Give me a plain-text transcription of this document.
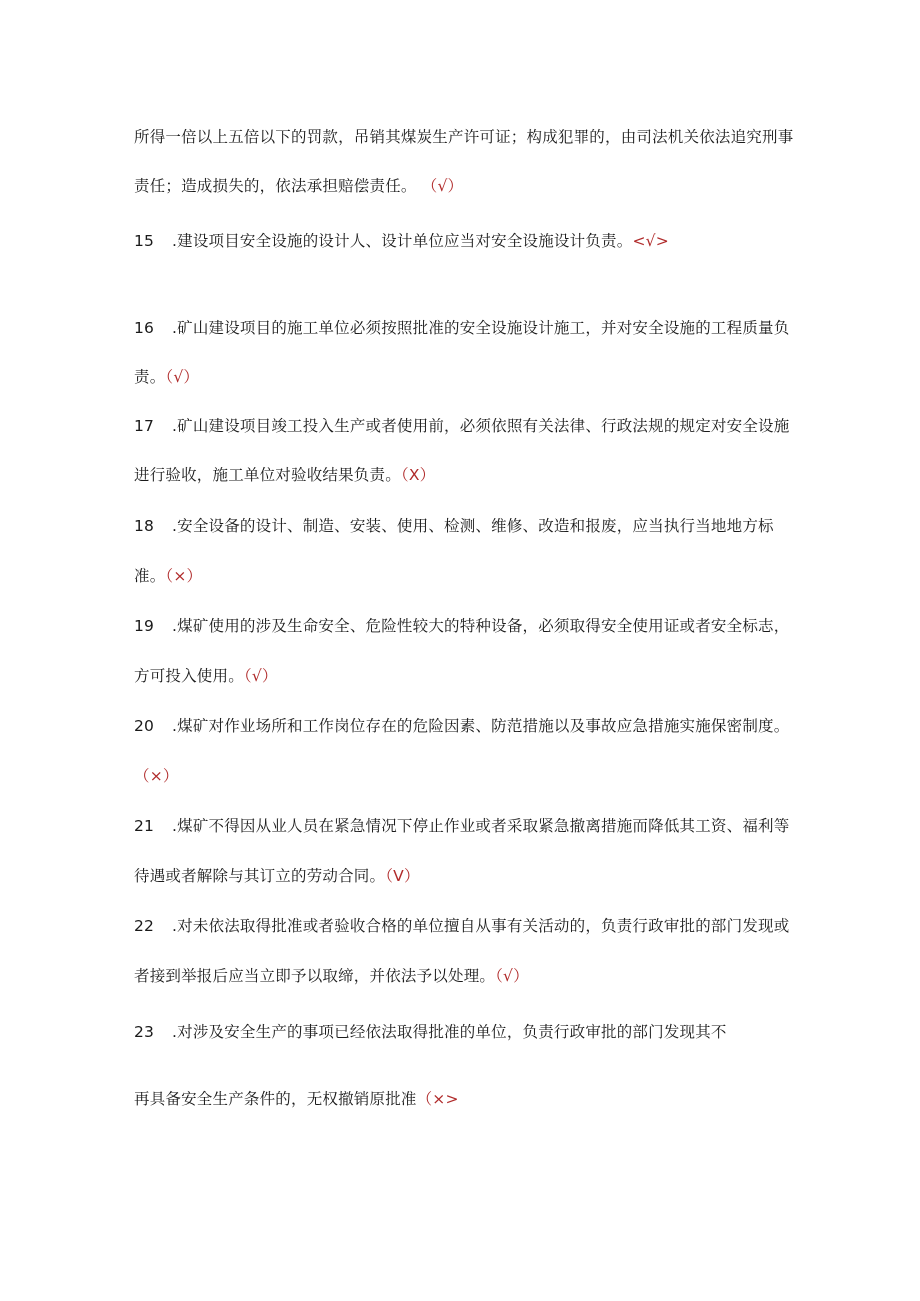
所得一倍以上五倍以下的罚款，吊销其煤炭生产许可证；构成犯罪的，由司法机关依法追究刑事
责任；造成损失的，依法承担赔偿责任。 （√）
15 .建设项目安全设施的设计人、设计单位应当对安全设施设计负责。<√>
16 .矿山建设项目的施工单位必须按照批准的安全设施设计施工，并对安全设施的工程质量负
责。（√）
17 .矿山建设项目竣工投入生产或者使用前，必须依照有关法律、行政法规的规定对安全设施
进行验收，施工单位对验收结果负责。（X）
18 .安全设备的设计、制造、安装、使用、检测、维修、改造和报废，应当执行当地地方标
准。（×）
19 .煤矿使用的涉及生命安全、危险性较大的特种设备，必须取得安全使用证或者安全标志，
方可投入使用。（√）
20 .煤矿对作业场所和工作岗位存在的危险因素、防范措施以及事故应急措施实施保密制度。
（×）
21 .煤矿不得因从业人员在紧急情况下停止作业或者采取紧急撤离措施而降低其工资、福利等
待遇或者解除与其订立的劳动合同。（V）
22 .对未依法取得批准或者验收合格的单位擅自从事有关活动的，负责行政审批的部门发现或
者接到举报后应当立即予以取缔，并依法予以处理。（√）
23 .对涉及安全生产的事项已经依法取得批准的单位，负责行政审批的部门发现其不
再具备安全生产条件的，无权撤销原批准（×>
